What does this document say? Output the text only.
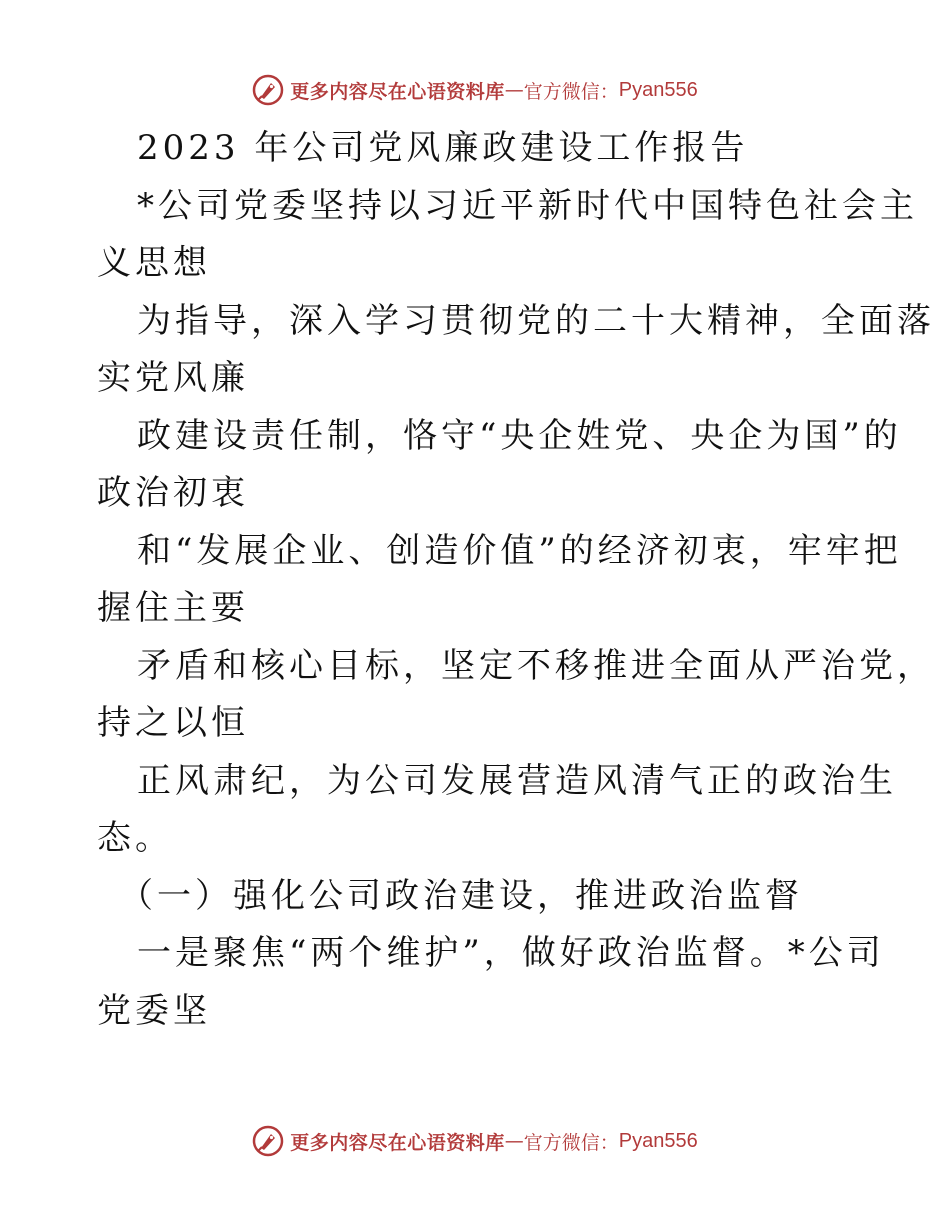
更多内容尽在心语资料库 — 官方微信： Pyan556
2023 年公司党风廉政建设工作报告
*公司党委坚持以习近平新时代中国特色社会主
义思想
为指导，深入学习贯彻党的二十大精神，全面落
实党风廉
政建设责任制，恪守“央企姓党、央企为国”的
政治初衷
和“发展企业、创造价值”的经济初衷，牢牢把
握住主要
矛盾和核心目标，坚定不移推进全面从严治党，
持之以恒
正风肃纪，为公司发展营造风清气正的政治生
态。
（一）强化公司政治建设，推进政治监督
一是聚焦“两个维护”，做好政治监督。*公司
党委坚
更多内容尽在心语资料库 — 官方微信： Pyan556
